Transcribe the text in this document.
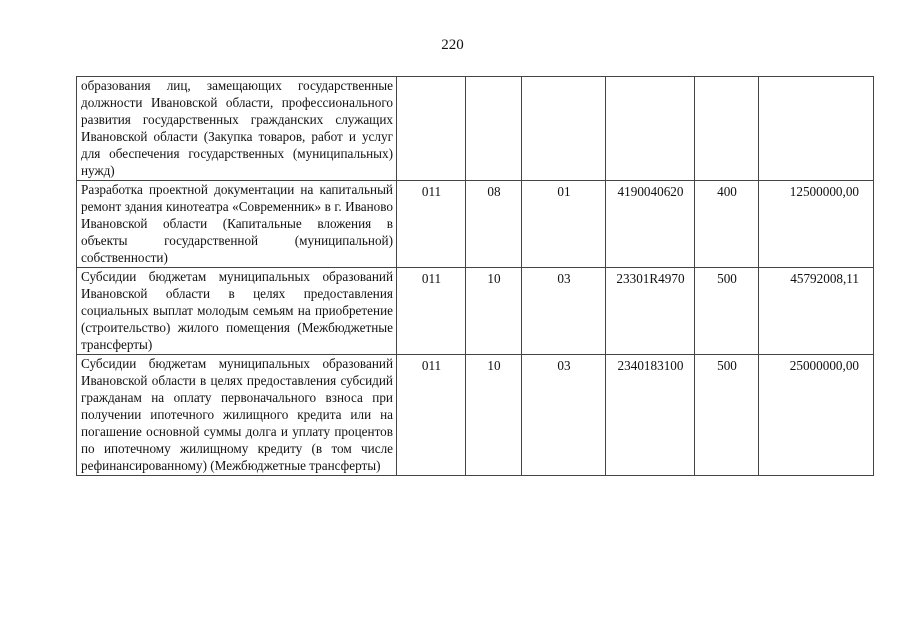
220
образования лиц, замещающих государственные должности Ивановской области, профессионального развития государственных гражданских служащих Ивановской области (Закупка товаров, работ и услуг для обеспечения государственных (муниципальных) нужд)						
Разработка проектной документации на капитальный ремонт здания кинотеатра «Современник» в г. Иваново Ивановской области (Капитальные вложения в объекты государственной (муниципальной) собственности)	011	08	01	4190040620	400	12500000,00
Субсидии бюджетам муниципальных образований Ивановской области в целях предоставления социальных выплат молодым семьям на приобретение (строительство) жилого помещения (Межбюджетные трансферты)	011	10	03	23301R4970	500	45792008,11
Субсидии бюджетам муниципальных образований Ивановской области в целях предоставления субсидий гражданам на оплату первоначального взноса при получении ипотечного жилищного кредита или на погашение основной суммы долга и уплату процентов по ипотечному жилищному кредиту (в том числе рефинансированному) (Межбюджетные трансферты)	011	10	03	2340183100	500	25000000,00
